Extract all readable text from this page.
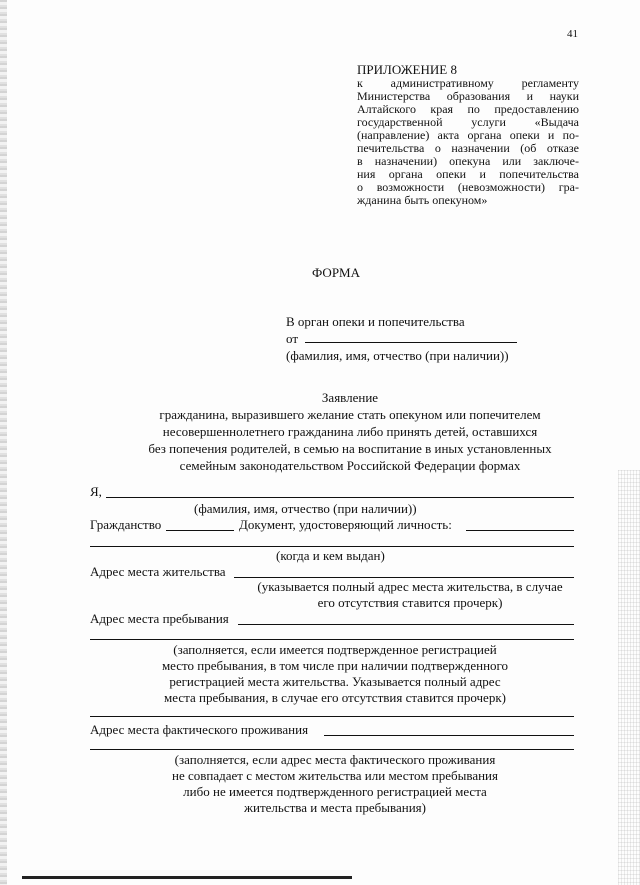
41
ПРИЛОЖЕНИЕ 8
к административному регламенту
Министерства образования и науки
Алтайского края по предоставлению
государственной услуги «Выдача
(направление) акта органа опеки и по-
печительства о назначении (об отказе
в назначении) опекуна или заключе-
ния органа опеки и попечительства
о возможности (невозможности) гра-
жданина быть опекуном»
ФОРМА
В орган опеки и попечительства
от
(фамилия, имя, отчество (при наличии))
Заявление
гражданина, выразившего желание стать опекуном или попечителем
несовершеннолетнего гражданина либо принять детей, оставшихся
без попечения родителей, в семью на воспитание в иных установленных
семейным законодательством Российской Федерации формах
Я,
(фамилия, имя, отчество (при наличии))
Гражданство	Документ, удостоверяющий личность:
(когда и кем выдан)
Адрес места жительства
(указывается полный адрес места жительства, в случае
его отсутствия ставится прочерк)
Адрес места пребывания
(заполняется, если имеется подтвержденное регистрацией
место пребывания, в том числе при наличии подтвержденного
регистрацией места жительства. Указывается полный адрес
места пребывания, в случае его отсутствия ставится прочерк)
Адрес места фактического проживания
(заполняется, если адрес места фактического проживания
не совпадает с местом жительства или местом пребывания
либо не имеется подтвержденного регистрацией места
жительства и места пребывания)
